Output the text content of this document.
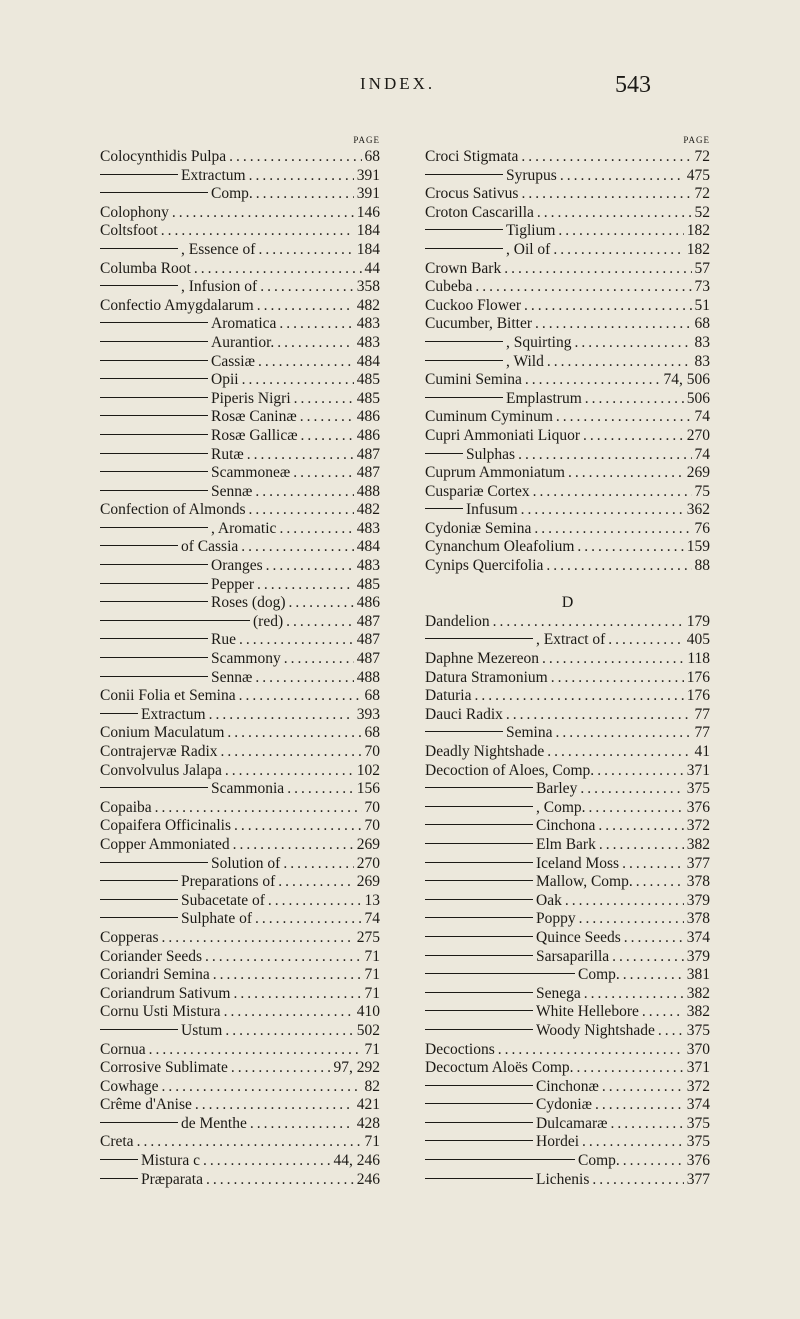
INDEX.	543
PAGE
Colocynthidis Pulpa .....	68
Extractum .....	391
Comp. .....	391
Colophony .....	146
Coltsfoot .....	184
, Essence of .....	184
Columba Root .....	44
, Infusion of .....	358
Confectio Amygdalarum .....	482
Aromatica .....	483
Aurantior. .....	483
Cassiæ .....	484
Opii .....	485
Piperis Nigri .....	485
Rosæ Caninæ .....	486
Rosæ Gallicæ .....	486
Rutæ .....	487
Scammoneæ .....	487
Sennæ .....	488
Confection of Almonds .....	482
, Aromatic .....	483
of Cassia .....	484
Oranges .....	483
Pepper .....	485
Roses (dog) .....	486
(red) .....	487
Rue .....	487
Scammony .....	487
Sennæ .....	488
Conii Folia et Semina .....	68
Extractum .....	393
Conium Maculatum .....	68
Contrajervæ Radix .....	70
Convolvulus Jalapa .....	102
Scammonia .....	156
Copaiba .....	70
Copaifera Officinalis .....	70
Copper Ammoniated .....	269
Solution of .....	270
Preparations of .....	269
Subacetate of .....	13
Sulphate of .....	74
Copperas .....	275
Coriander Seeds .....	71
Coriandri Semina .....	71
Coriandrum Sativum .....	71
Cornu Usti Mistura .....	410
Ustum .....	502
Cornua .....	71
Corrosive Sublimate .....	97, 292
Cowhage .....	82
Crême d'Anise .....	421
de Menthe .....	428
Creta .....	71
Mistura c .....	44, 246
Præparata .....	246
PAGE
Croci Stigmata .....	72
Syrupus .....	475
Crocus Sativus .....	72
Croton Cascarilla .....	52
Tiglium .....	182
, Oil of .....	182
Crown Bark .....	57
Cubeba .....	73
Cuckoo Flower .....	51
Cucumber, Bitter .....	68
, Squirting .....	83
, Wild .....	83
Cumini Semina .....	74, 506
Emplastrum .....	506
Cuminum Cyminum .....	74
Cupri Ammoniati Liquor .....	270
Sulphas .....	74
Cuprum Ammoniatum .....	269
Cuspariæ Cortex .....	75
Infusum .....	362
Cydoniæ Semina .....	76
Cynanchum Oleafolium .....	159
Cynips Quercifolia .....	88
D
Dandelion .....	179
, Extract of .....	405
Daphne Mezereon .....	118
Datura Stramonium .....	176
Daturia .....	176
Dauci Radix .....	77
Semina .....	77
Deadly Nightshade .....	41
Decoction of Aloes, Comp. .....	371
Barley .....	375
, Comp. .....	376
Cinchona .....	372
Elm Bark .....	382
Iceland Moss .....	377
Mallow, Comp. .....	378
Oak .....	379
Poppy .....	378
Quince Seeds .....	374
Sarsaparilla .....	379
Comp. .....	381
Senega .....	382
White Hellebore .....	382
Woody Nightshade ..... 375
Decoctions .....	370
Decoctum Aloës Comp. .....	371
Cinchonæ .....	372
Cydoniæ .....	374
Dulcamaræ .....	375
Hordei .....	375
Comp. .....	376
Lichenis .....	377
